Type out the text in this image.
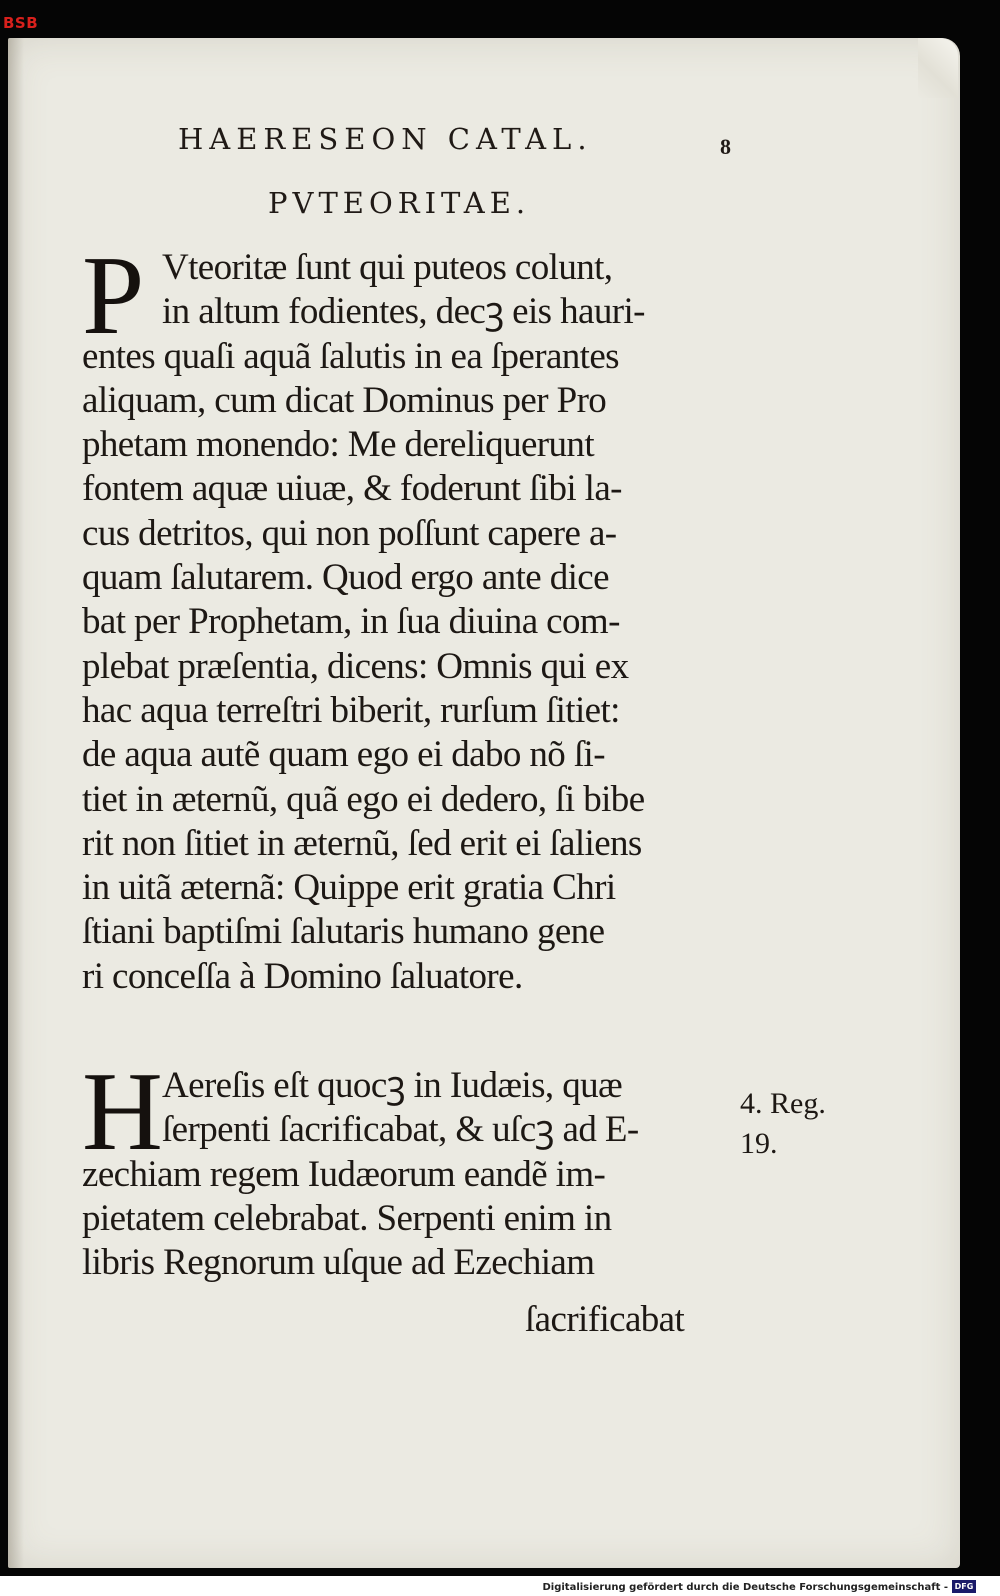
BSB
HAERESEON CATAL.	8
PVTEORITAE.
P Vteoritæ ſunt qui puteos colunt,
in altum fodientes, decꝫ eis hauri-
entes quaſi aquã ſalutis in ea ſperantes
aliquam, cum dicat Dominus per Pro
phetam monendo: Me dereliquerunt
fontem aquæ uiuæ, & foderunt ſibi la-
cus detritos, qui non poſſunt capere a-
quam ſalutarem. Quod ergo ante dice
bat per Prophetam, in ſua diuina com-
plebat præſentia, dicens: Omnis qui ex
hac aqua terreſtri biberit, rurſum ſitiet:
de aqua autẽ quam ego ei dabo nõ ſi-
tiet in æternũ, quã ego ei dedero, ſi bibe
rit non ſitiet in æternũ, ſed erit ei ſaliens
in uitã æternã: Quippe erit gratia Chri
ſtiani baptiſmi ſalutaris humano gene
ri conceſſa à Domino ſaluatore.
H Aereſis eſt quocꝫ in Iudæis, quæ
ſerpenti ſacrificabat, & uſcꝫ ad E-
zechiam regem Iudæorum eandẽ im-
pietatem celebrabat. Serpenti enim in
libris Regnorum uſque ad Ezechiam
4. Reg.
19.
ſacrificabat
Digitalisierung gefördert durch die Deutsche Forschungsgemeinschaft - DFG
